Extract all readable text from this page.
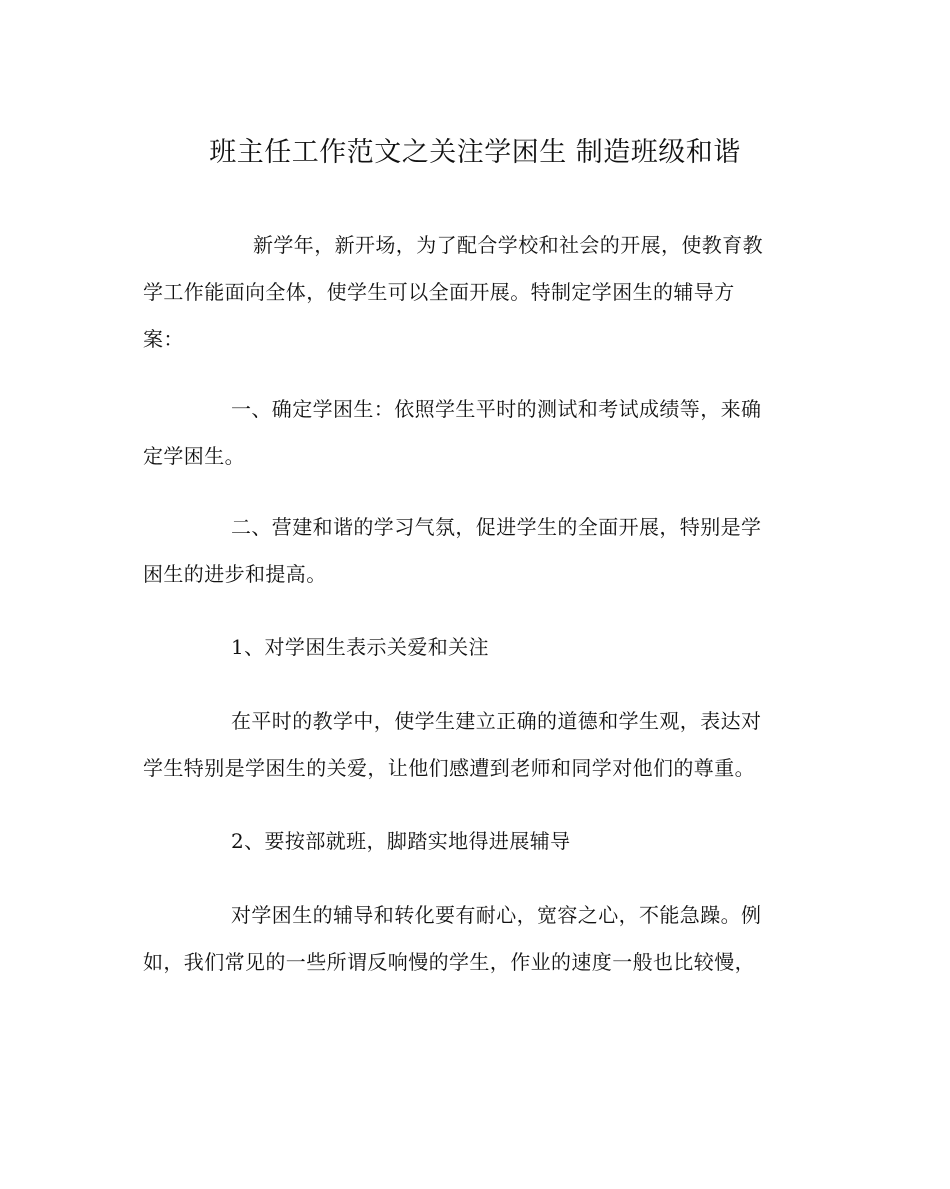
班主任工作范文之关注学困生 制造班级和谐
新学年，新开场，为了配合学校和社会的开展，使教育教
学工作能面向全体，使学生可以全面开展。特制定学困生的辅导方
案：
一、确定学困生：依照学生平时的测试和考试成绩等，来确
定学困生。
二、营建和谐的学习气氛，促进学生的全面开展，特别是学
困生的进步和提高。
1、对学困生表示关爱和关注
在平时的教学中，使学生建立正确的道德和学生观，表达对
学生特别是学困生的关爱，让他们感遭到老师和同学对他们的尊重。
2、要按部就班，脚踏实地得进展辅导
对学困生的辅导和转化要有耐心，宽容之心，不能急躁。例
如，我们常见的一些所谓反响慢的学生，作业的速度一般也比较慢，
